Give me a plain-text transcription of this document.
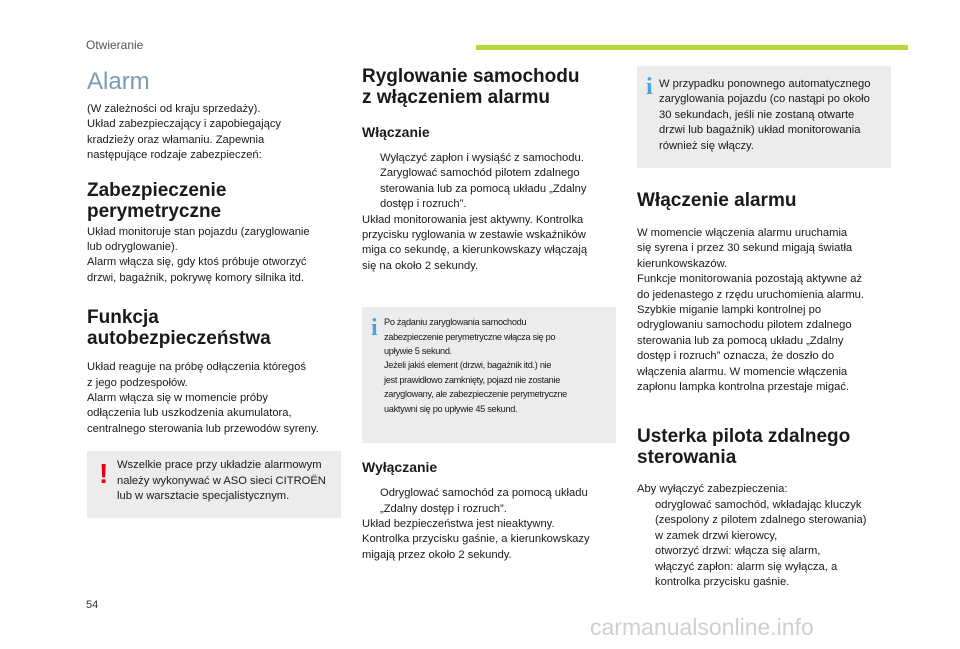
Otwieranie
Alarm
(W zależności od kraju sprzedaży).
Układ zabezpieczający i zapobiegający
kradzieży oraz włamaniu. Zapewnia
następujące rodzaje zabezpieczeń:
Zabezpieczenie
perymetryczne
Układ monitoruje stan pojazdu (zaryglowanie
lub odryglowanie).
Alarm włącza się, gdy ktoś próbuje otworzyć
drzwi, bagażnik, pokrywę komory silnika itd.
Funkcja
autobezpieczeństwa
Układ reaguje na próbę odłączenia któregoś
z jego podzespołów.
Alarm włącza się w momencie próby
odłączenia lub uszkodzenia akumulatora,
centralnego sterowania lub przewodów syreny.
! Wszelkie prace przy układzie alarmowym
należy wykonywać w ASO sieci CITROËN
lub w warsztacie specjalistycznym.
Ryglowanie samochodu
z włączeniem alarmu
Włączanie
Wyłączyć zapłon i wysiąść z samochodu.
Zaryglować samochód pilotem zdalnego
sterowania lub za pomocą układu „Zdalny
dostęp i rozruch”.
Układ monitorowania jest aktywny. Kontrolka
przycisku ryglowania w zestawie wskaźników
miga co sekundę, a kierunkowskazy włączają
się na około 2 sekundy.
i Po żądaniu zaryglowania samochodu
zabezpieczenie perymetryczne włącza się po
upływie 5 sekund.
Jeżeli jakiś element (drzwi, bagażnik itd.) nie
jest prawidłowo zamknięty, pojazd nie zostanie
zaryglowany, ale zabezpieczenie perymetryczne
uaktywni się po upływie 45 sekund.
Wyłączanie
Odryglować samochód za pomocą układu
„Zdalny dostęp i rozruch”.
Układ bezpieczeństwa jest nieaktywny.
Kontrolka przycisku gaśnie, a kierunkowskazy
migają przez około 2 sekundy.
i W przypadku ponownego automatycznego
zaryglowania pojazdu (co nastąpi po około
30 sekundach, jeśli nie zostaną otwarte
drzwi lub bagażnik) układ monitorowania
również się włączy.
Włączenie alarmu
W momencie włączenia alarmu uruchamia
się syrena i przez 30 sekund migają światła
kierunkowskazów.
Funkcje monitorowania pozostają aktywne aż
do jedenastego z rzędu uruchomienia alarmu.
Szybkie miganie lampki kontrolnej po
odryglowaniu samochodu pilotem zdalnego
sterowania lub za pomocą układu „Zdalny
dostęp i rozruch” oznacza, że doszło do
włączenia alarmu. W momencie włączenia
zapłonu lampka kontrolna przestaje migać.
Usterka pilota zdalnego
sterowania
Aby wyłączyć zabezpieczenia:
odryglować samochód, wkładając kluczyk
(zespolony z pilotem zdalnego sterowania)
w zamek drzwi kierowcy,
otworzyć drzwi: włącza się alarm,
włączyć zapłon: alarm się wyłącza, a
kontrolka przycisku gaśnie.
54
carmanualsonline.info
